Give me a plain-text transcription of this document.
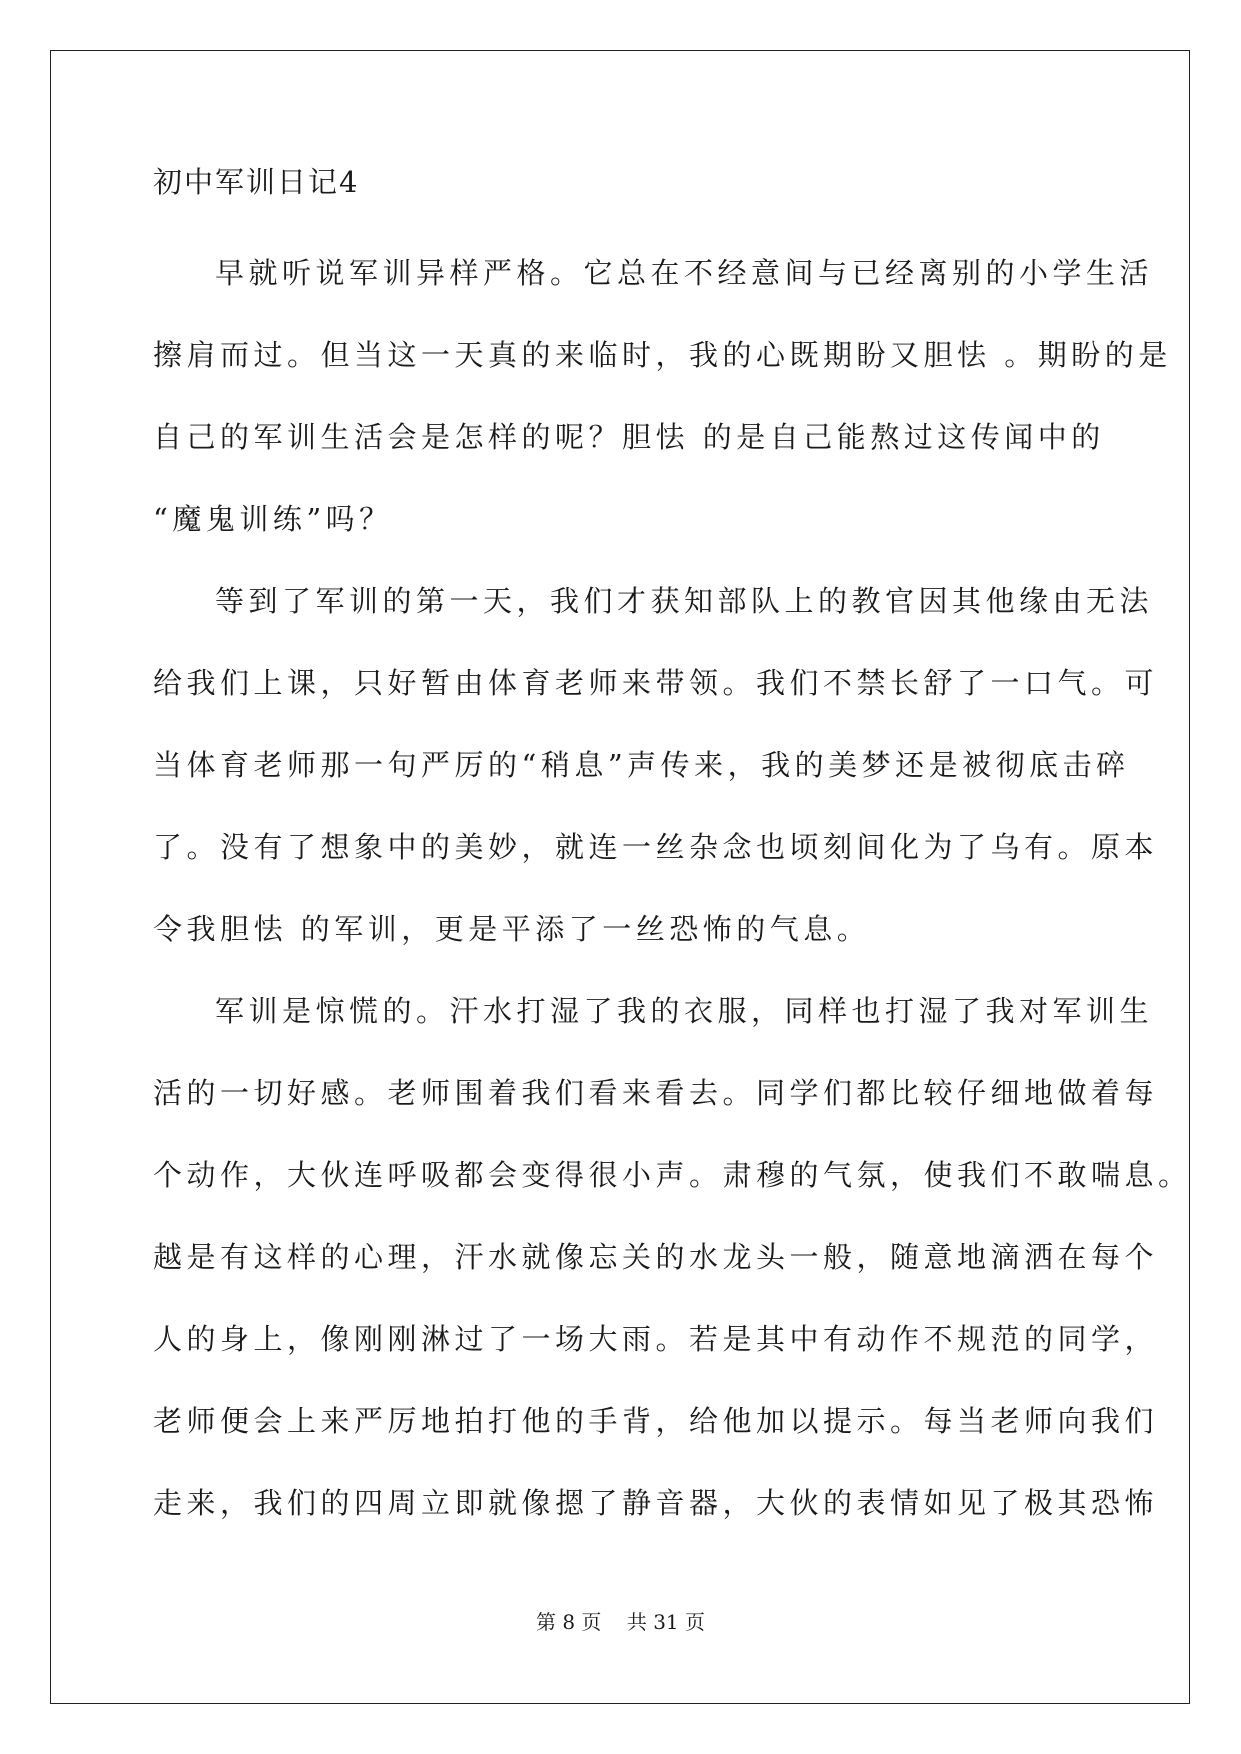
初中军训日记4
早就听说军训异样严格。它总在不经意间与已经离别的小学生活
擦肩而过。但当这一天真的来临时，我的心既期盼又胆怯 。期盼的是
自己的军训生活会是怎样的呢？胆怯 的是自己能熬过这传闻中的
“魔鬼训练”吗？
等到了军训的第一天，我们才获知部队上的教官因其他缘由无法
给我们上课，只好暂由体育老师来带领。我们不禁长舒了一口气。可
当体育老师那一句严厉的“稍息”声传来，我的美梦还是被彻底击碎
了。没有了想象中的美妙，就连一丝杂念也顷刻间化为了乌有。原本
令我胆怯 的军训，更是平添了一丝恐怖的气息。
军训是惊慌的。汗水打湿了我的衣服，同样也打湿了我对军训生
活的一切好感。老师围着我们看来看去。同学们都比较仔细地做着每
个动作，大伙连呼吸都会变得很小声。肃穆的气氛，使我们不敢喘息。
越是有这样的心理，汗水就像忘关的水龙头一般，随意地滴洒在每个
人的身上，像刚刚淋过了一场大雨。若是其中有动作不规范的同学，
老师便会上来严厉地拍打他的手背，给他加以提示。每当老师向我们
走来，我们的四周立即就像摁了静音器，大伙的表情如见了极其恐怖
第 8 页    共 31 页
